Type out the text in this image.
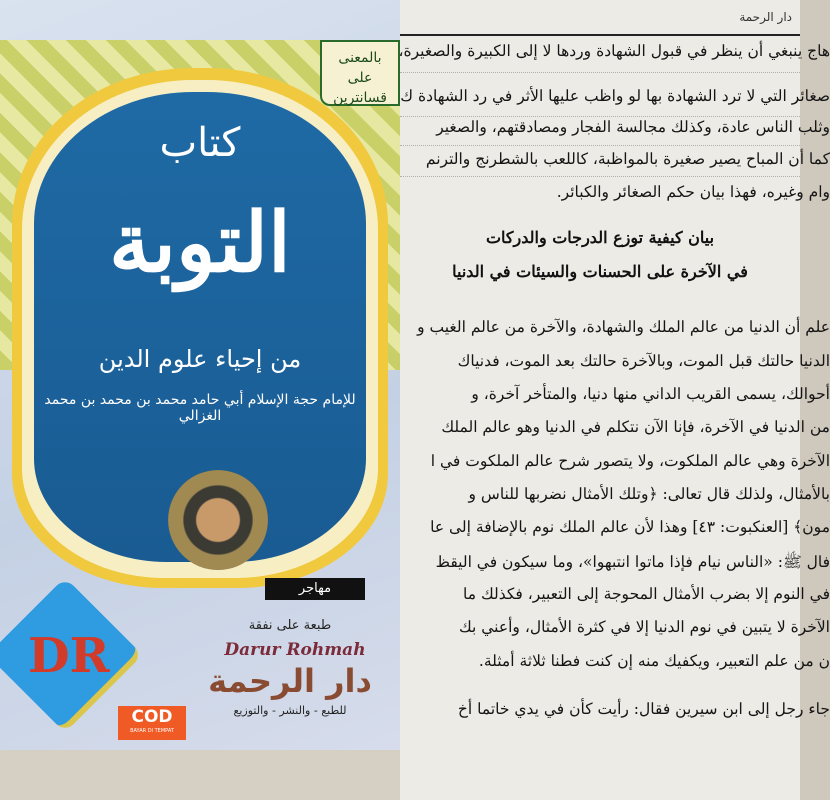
بالمعنى
على قسانترين
كتاب
التوبة
من إحياء علوم الدين
للإمام حجة الإسلام أبي حامد محمد بن محمد بن محمد الغزالي
مهاجر
DR
طبعة على نفقة
Darur Rohmah
دار الرحمة
للطبع - والنشر - والتوزيع
COD
BAYAR DI TEMPAT
دار الرحمة
هاج ينبغي أن ينظر في قبول الشهادة وردها لا إلى الكبيرة والصغيرة،
صغائر التي لا ترد الشهادة بها لو واظب عليها الأثر في رد الشهادة ك
وثلب الناس عادة، وكذلك مجالسة الفجار ومصادقتهم، والصغير
كما أن المباح يصير صغيرة بالمواظبة، كاللعب بالشطرنج والترنم
وام وغيره، فهذا بيان حكم الصغائر والكبائر.
بيان كيفية توزع الدرجات والدركات
في الآخرة على الحسنات والسيئات في الدنيا
علم أن الدنيا من عالم الملك والشهادة، والآخرة من عالم الغيب و
الدنيا حالتك قبل الموت، وبالآخرة حالتك بعد الموت، فدنياك
أحوالك، يسمى القريب الداني منها دنيا، والمتأخر آخرة، و
من الدنيا في الآخرة، فإنا الآن نتكلم في الدنيا وهو عالم الملك
الآخرة وهي عالم الملكوت، ولا يتصور شرح عالم الملكوت في ا
بالأمثال، ولذلك قال تعالى: ﴿وتلك الأمثال نضربها للناس و
مون﴾ [العنكبوت: ٤٣] وهذا لأن عالم الملك نوم بالإضافة إلى عا
فال ﷺ: «الناس نيام فإذا ماتوا انتبهوا»، وما سيكون في اليقظ
في النوم إلا بضرب الأمثال المحوجة إلى التعبير، فكذلك ما
الآخرة لا يتبين في نوم الدنيا إلا في كثرة الأمثال، وأعني بك
ن من علم التعبير، ويكفيك منه إن كنت فطنا ثلاثة أمثلة.
جاء رجل إلى ابن سيرين فقال: رأيت كأن في يدي خاتما أخ
